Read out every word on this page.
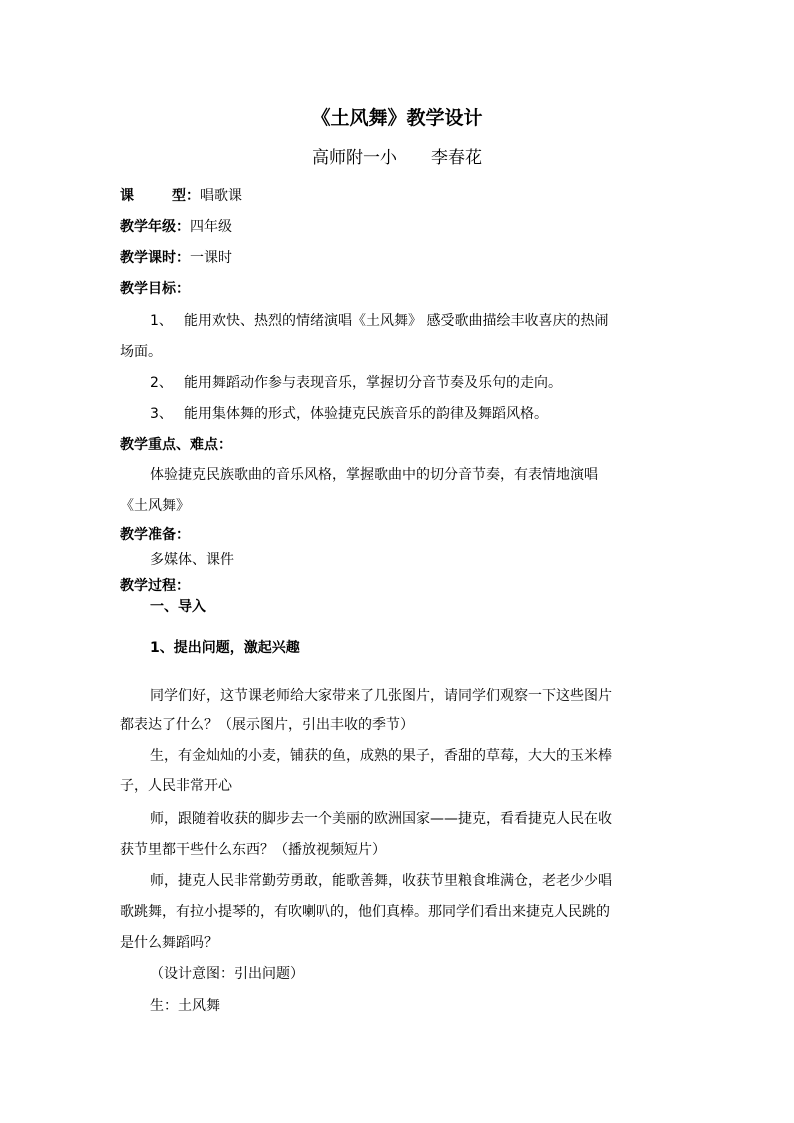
《土风舞》教学设计
高师附一小 李春花
课	型：唱歌课
教学年级：四年级
教学课时：一课时
教学目标：
1、 能用欢快、热烈的情绪演唱《土风舞》 感受歌曲描绘丰收喜庆的热闹
场面。
2、 能用舞蹈动作参与表现音乐，掌握切分音节奏及乐句的走向。
3、 能用集体舞的形式，体验捷克民族音乐的韵律及舞蹈风格。
教学重点、难点：
体验捷克民族歌曲的音乐风格，掌握歌曲中的切分音节奏，有表情地演唱
《土风舞》
教学准备：
多媒体、课件
教学过程：
一、导入
1、提出问题，激起兴趣
同学们好，这节课老师给大家带来了几张图片，请同学们观察一下这些图片
都表达了什么？（展示图片，引出丰收的季节）
生，有金灿灿的小麦，铺获的鱼，成熟的果子，香甜的草莓，大大的玉米棒
子，人民非常开心
师，跟随着收获的脚步去一个美丽的欧洲国家——捷克，看看捷克人民在收
获节里都干些什么东西？（播放视频短片）
师，捷克人民非常勤劳勇敢，能歌善舞，收获节里粮食堆满仓，老老少少唱
歌跳舞，有拉小提琴的，有吹喇叭的，他们真棒。那同学们看出来捷克人民跳的
是什么舞蹈吗？
（设计意图：引出问题）
生：土风舞
